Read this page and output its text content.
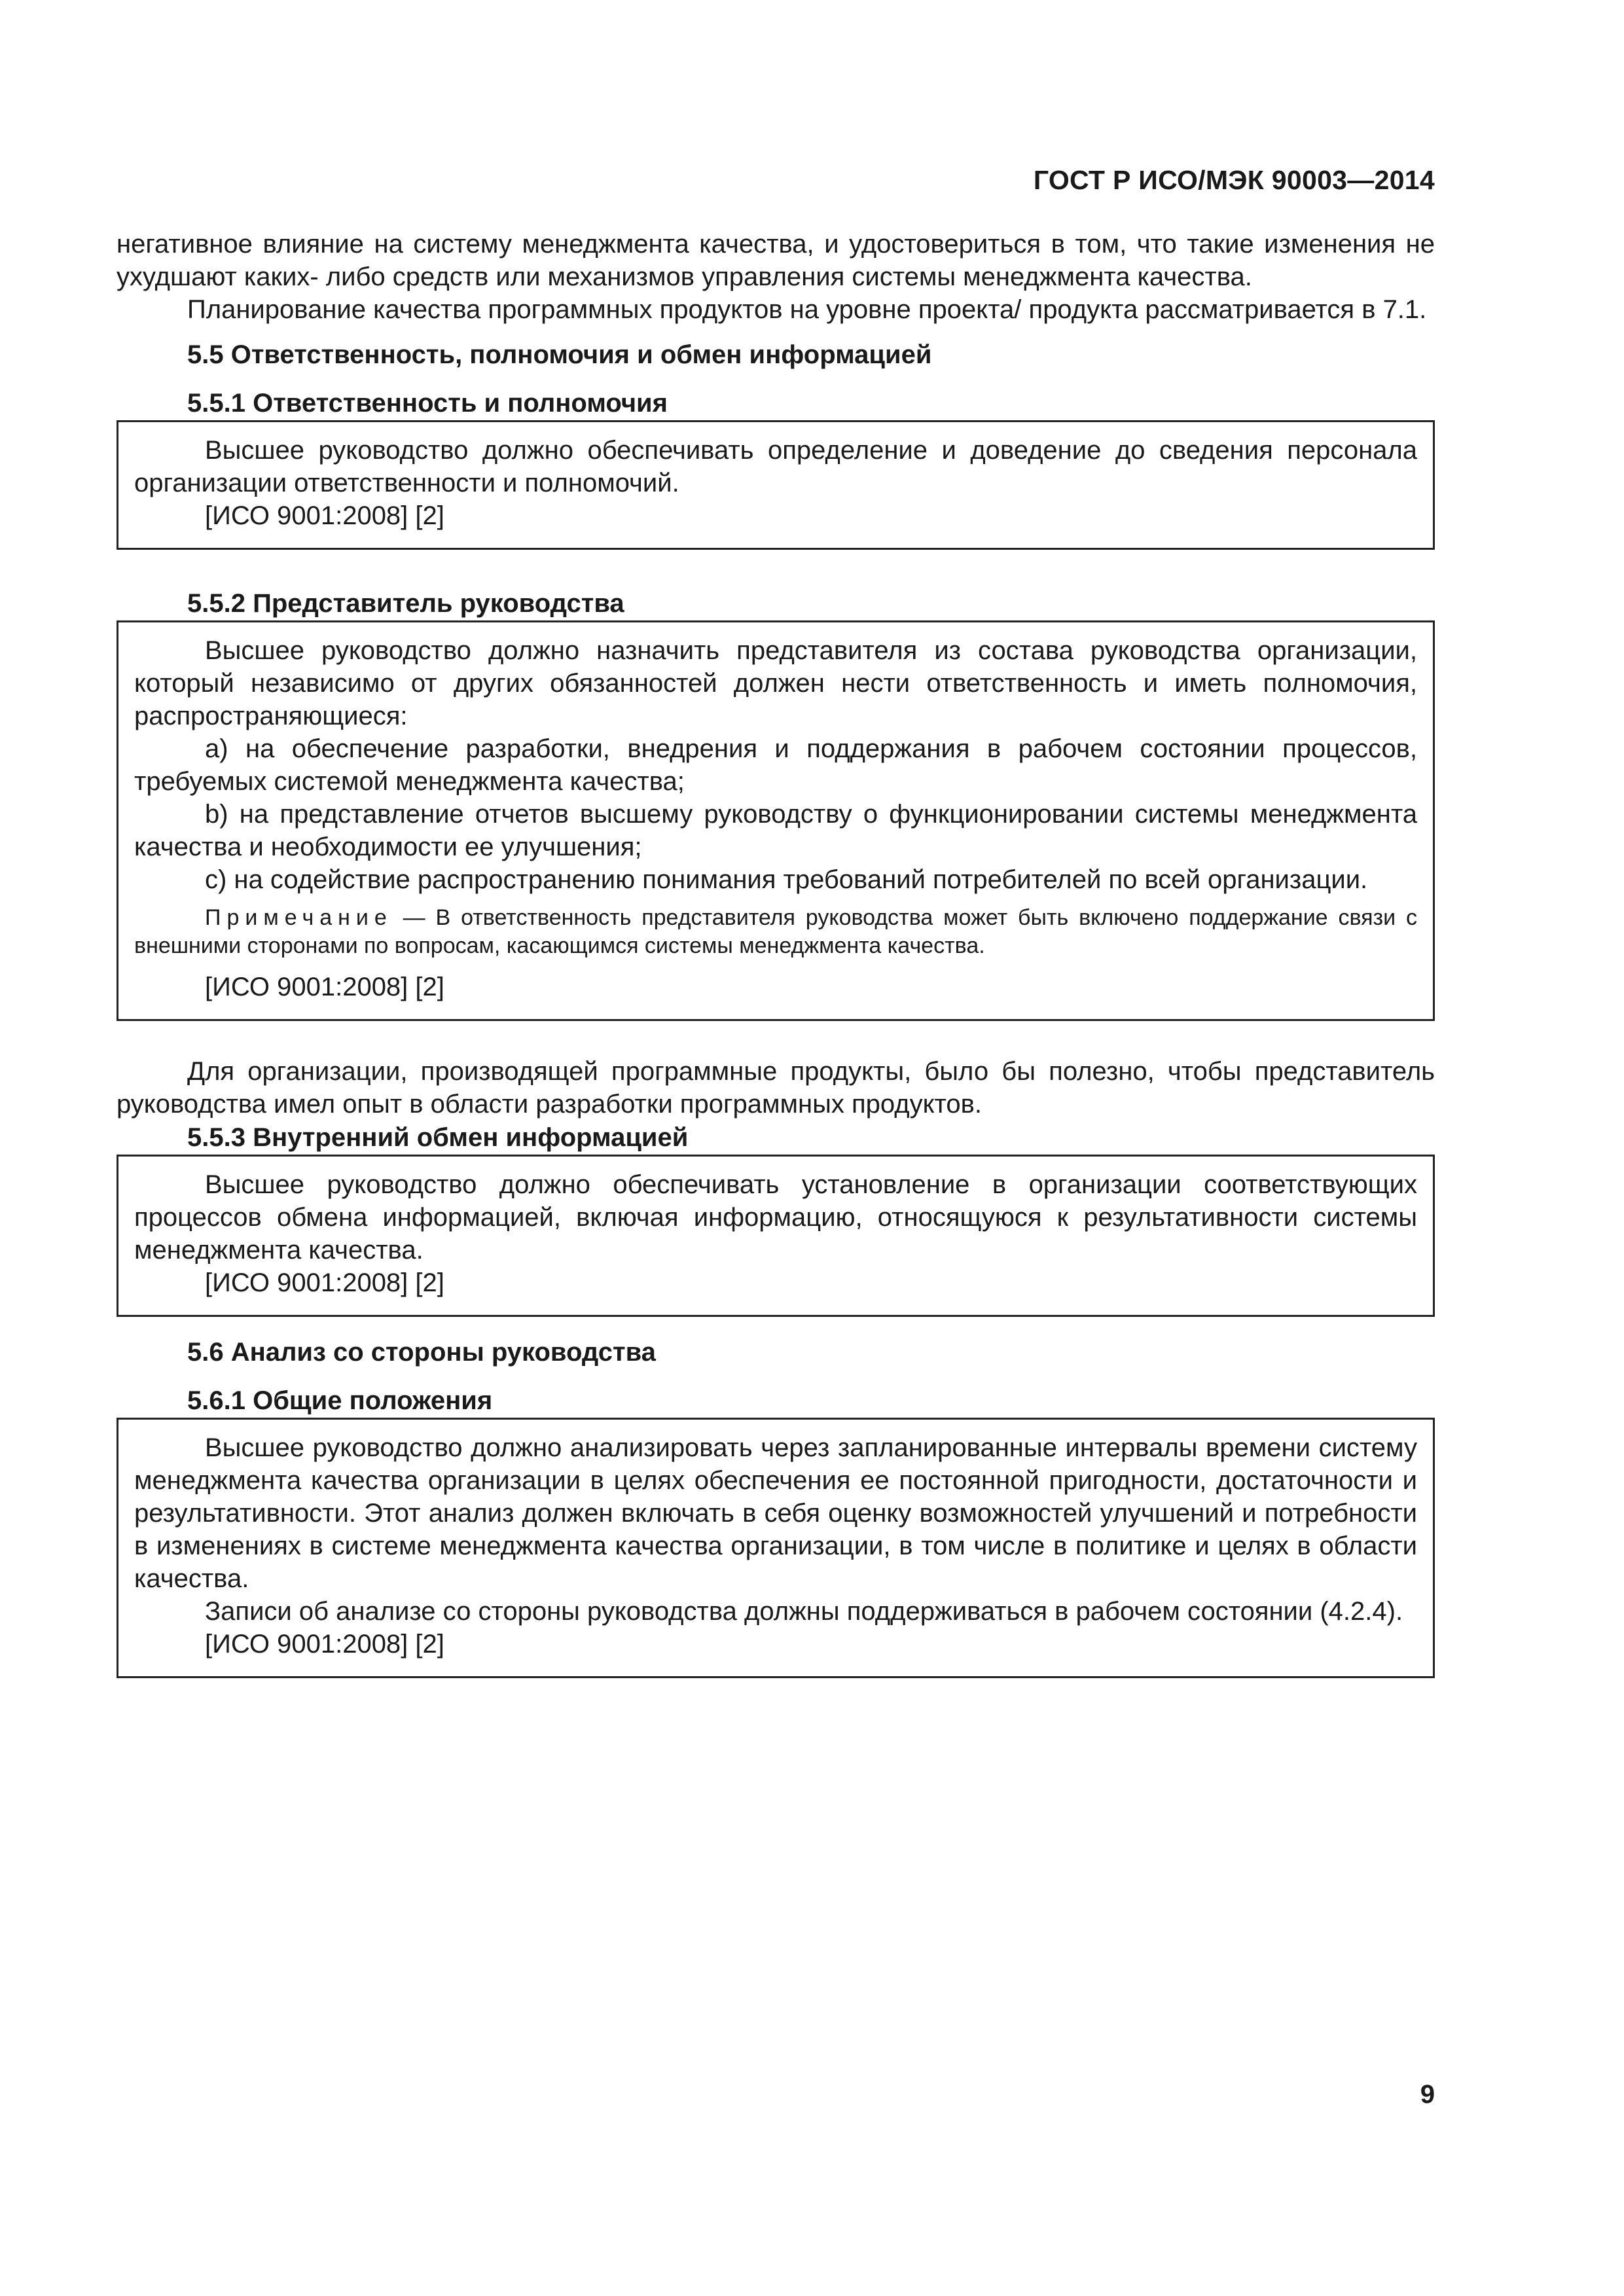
ГОСТ Р ИСО/МЭК 90003—2014

негативное влияние на систему менеджмента качества, и удостовериться в том, что такие изменения не ухудшают каких- либо средств или механизмов управления системы менеджмента качества.

Планирование качества программных продуктов на уровне проекта/ продукта рассматривается в 7.1.

5.5 Ответственность, полномочия и обмен информацией
5.5.1 Ответственность и полномочия

Высшее руководство должно обеспечивать определение и доведение до сведения персонала организации ответственности и полномочий.

[ИСО 9001:2008] [2]

5.5.2 Представитель руководства

Высшее руководство должно назначить представителя из состава руководства организации, который независимо от других обязанностей должен нести ответственность и иметь полномочия, распространяющиеся:

a) на обеспечение разработки, внедрения и поддержания в рабочем состоянии процессов, требуемых системой менеджмента качества;

b) на представление отчетов высшему руководству о функционировании системы менеджмента качества и необходимости ее улучшения;

c) на содействие распространению понимания требований потребителей по всей организации.

Примечание — В ответственность представителя руководства может быть включено поддержание связи с внешними сторонами по вопросам, касающимся системы менеджмента качества.

[ИСО 9001:2008] [2]

Для организации, производящей программные продукты, было бы полезно, чтобы представитель руководства имел опыт в области разработки программных продуктов.

5.5.3 Внутренний обмен информацией

Высшее руководство должно обеспечивать установление в организации соответствующих процессов обмена информацией, включая информацию, относящуюся к результативности системы менеджмента качества.

[ИСО 9001:2008] [2]

5.6 Анализ со стороны руководства
5.6.1 Общие положения

Высшее руководство должно анализировать через запланированные интервалы времени систему менеджмента качества организации в целях обеспечения ее постоянной пригодности, достаточности и результативности. Этот анализ должен включать в себя оценку возможностей улучшений и потребности в изменениях в системе менеджмента качества организации, в том числе в политике и целях в области качества.

Записи об анализе со стороны руководства должны поддерживаться в рабочем состоянии (4.2.4).

[ИСО 9001:2008] [2]

9
